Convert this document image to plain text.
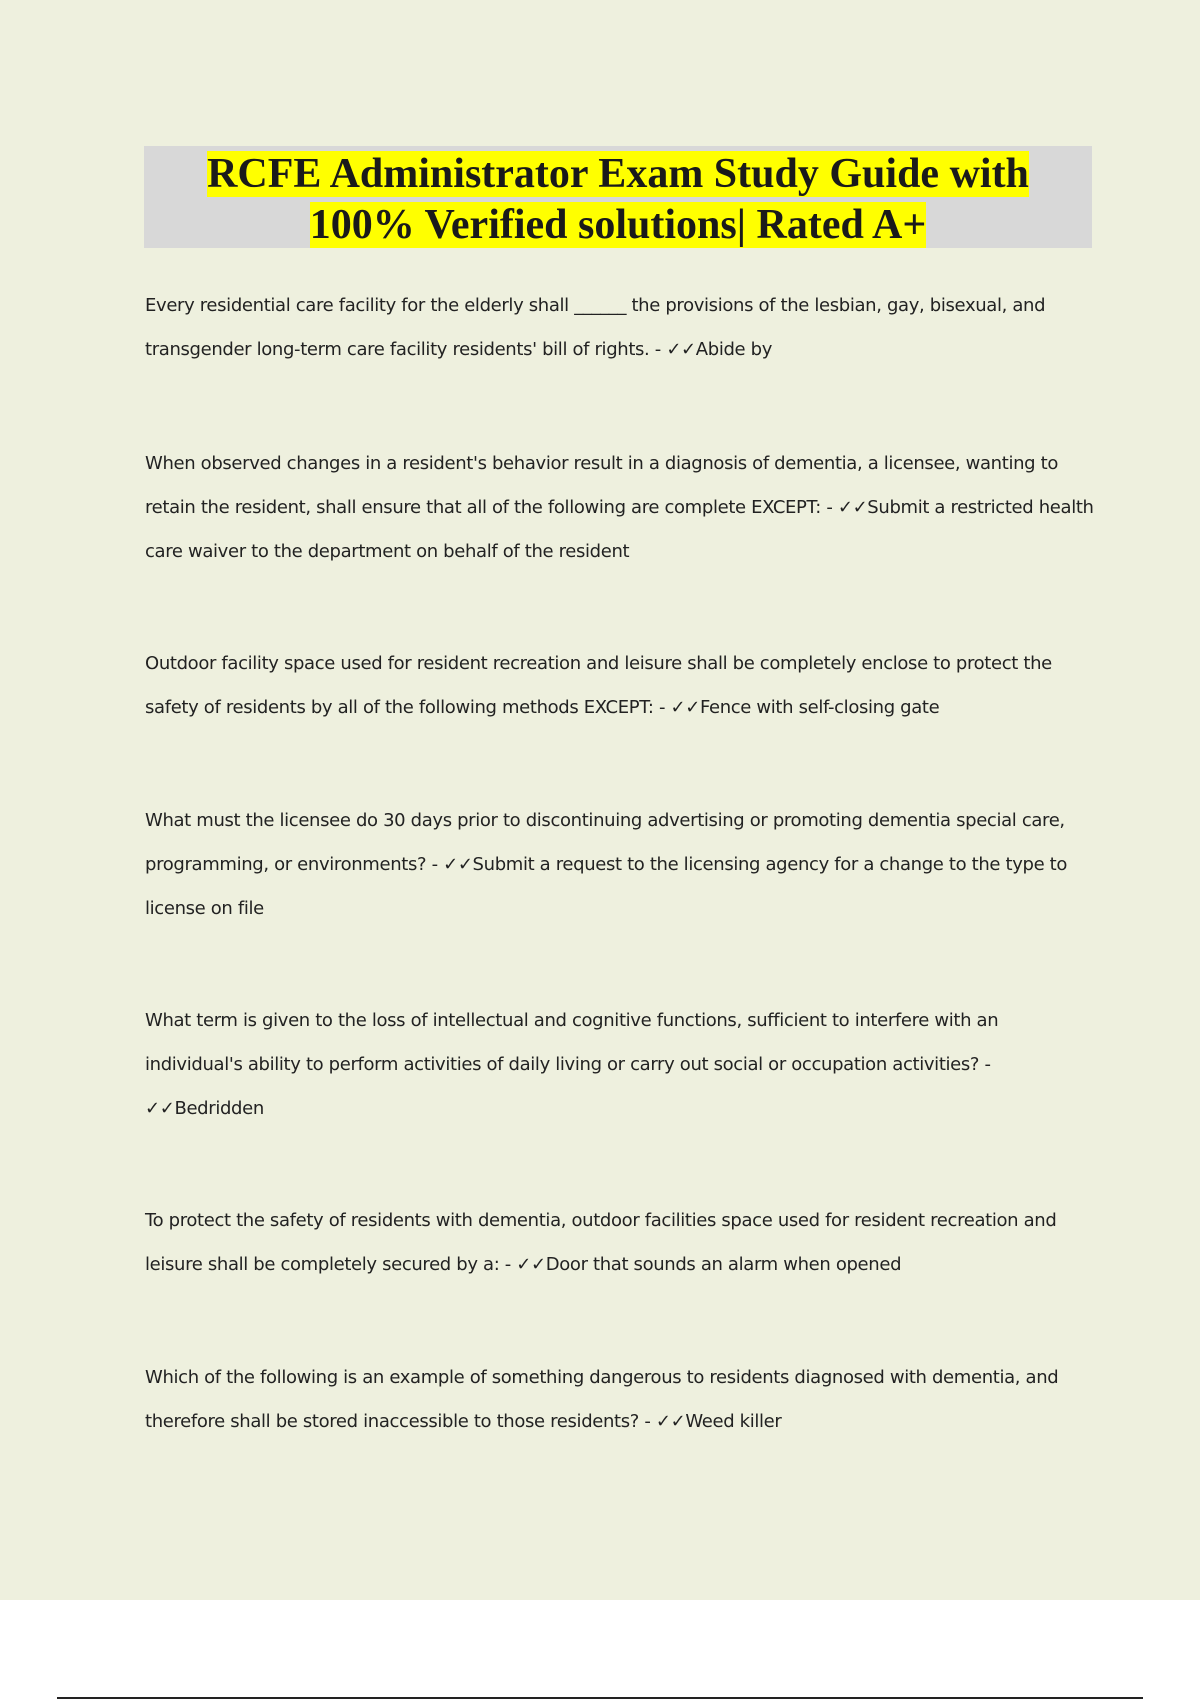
RCFE Administrator Exam Study Guide with
100% Verified solutions| Rated A+

Every residential care facility for the elderly shall ______ the provisions of the lesbian, gay, bisexual, and transgender long-term care facility residents' bill of rights. - ✓✓Abide by

When observed changes in a resident's behavior result in a diagnosis of dementia, a licensee, wanting to retain the resident, shall ensure that all of the following are complete EXCEPT: - ✓✓Submit a restricted health care waiver to the department on behalf of the resident

Outdoor facility space used for resident recreation and leisure shall be completely enclose to protect the safety of residents by all of the following methods EXCEPT: - ✓✓Fence with self-closing gate

What must the licensee do 30 days prior to discontinuing advertising or promoting dementia special care, programming, or environments? - ✓✓Submit a request to the licensing agency for a change to the type to license on file

What term is given to the loss of intellectual and cognitive functions, sufficient to interfere with an individual's ability to perform activities of daily living or carry out social or occupation activities? - ✓✓Bedridden

To protect the safety of residents with dementia, outdoor facilities space used for resident recreation and leisure shall be completely secured by a: - ✓✓Door that sounds an alarm when opened

Which of the following is an example of something dangerous to residents diagnosed with dementia, and therefore shall be stored inaccessible to those residents? - ✓✓Weed killer
